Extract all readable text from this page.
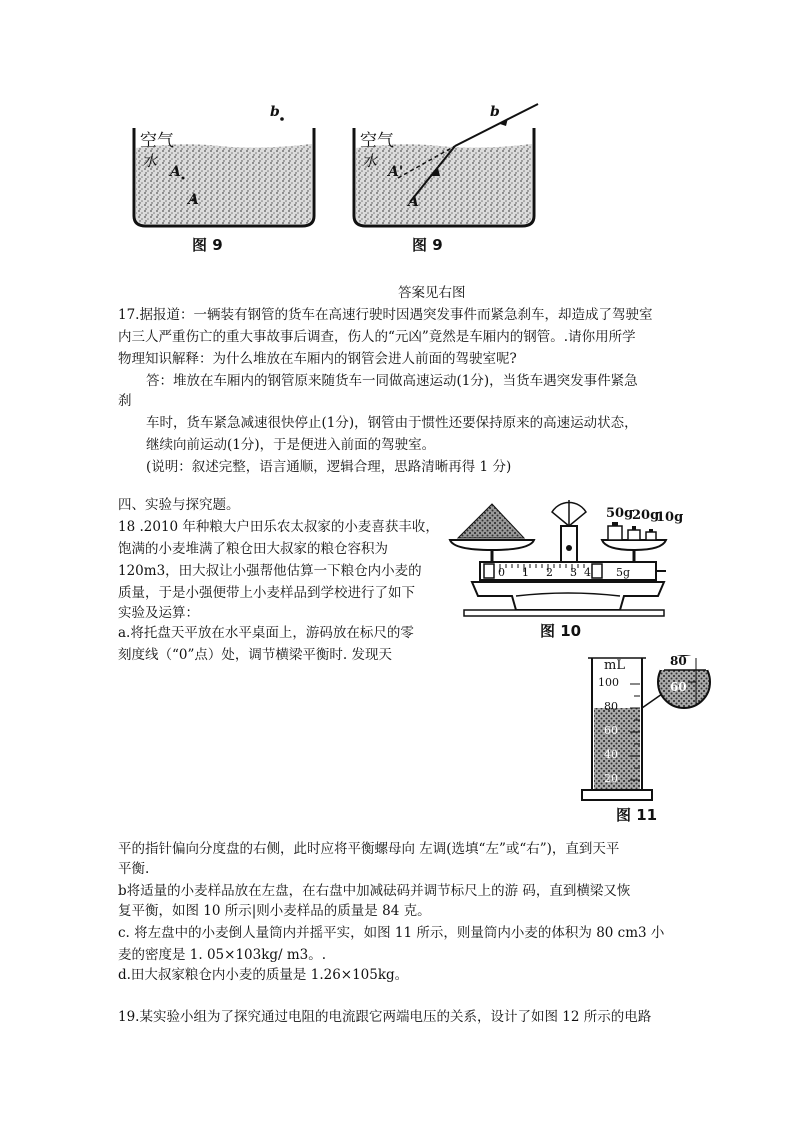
空气
水
A
A
b
图 9
空气
水
A'
A
b
图 9
答案见右图
17.据报道：一辆装有钢管的货车在高速行驶时因遇突发事件而紧急刹车，却造成了驾驶室
内三人严重伤亡的重大事故事后调查，伤人的“元凶”竟然是车厢内的钢管。.请你用所学
物理知识解释：为什么堆放在车厢内的钢管会进人前面的驾驶室呢?
答：堆放在车厢内的钢管原来随货车一同做高速运动(1分)，当货车遇突发事件紧急
刹
车时，货车紧急减速很快停止(1分)，钢管由于惯性还要保持原来的高速运动状态，
继续向前运动(1分)，于是便进入前面的驾驶室。
(说明：叙述完整，语言通顺，逻辑合理，思路清晰再得 1 分)
四、实验与探究题。
18 .2010 年种粮大户田乐农太叔家的小麦喜获丰收，
饱满的小麦堆满了粮仓田大叔家的粮仓容积为
120m3，田大叔让小强帮他估算一下粮仓内小麦的
质量，于是小强便带上小麦样品到学校进行了如下
实验及运算：
a.将托盘天平放在水平桌面上，游码放在标尺的零
刻度线（“0”点）处，调节横梁平衡时. 发现天
50g
20g
10g
0 1 2 3 4 5g
图 10
mL
100
80
60
40
20
80
60
图 11
平的指针偏向分度盘的右侧，此时应将平衡螺母向 左调(选填“左”或“右”)，直到天平
平衡.
b将适量的小麦样品放在左盘，在右盘中加减砝码并调节标尺上的游 码，直到横梁又恢
复平衡，如图 10 所示|则小麦样品的质量是 84 克。
c. 将左盘中的小麦倒人量筒内并摇平实，如图 11 所示，则量筒内小麦的体积为 80 cm3 小
麦的密度是 1. 05×103kg/ m3。.
d.田大叔家粮仓内小麦的质量是 1.26×105kg。
19.某实验小组为了探究通过电阻的电流跟它两端电压的关系，设计了如图 12 所示的电路
